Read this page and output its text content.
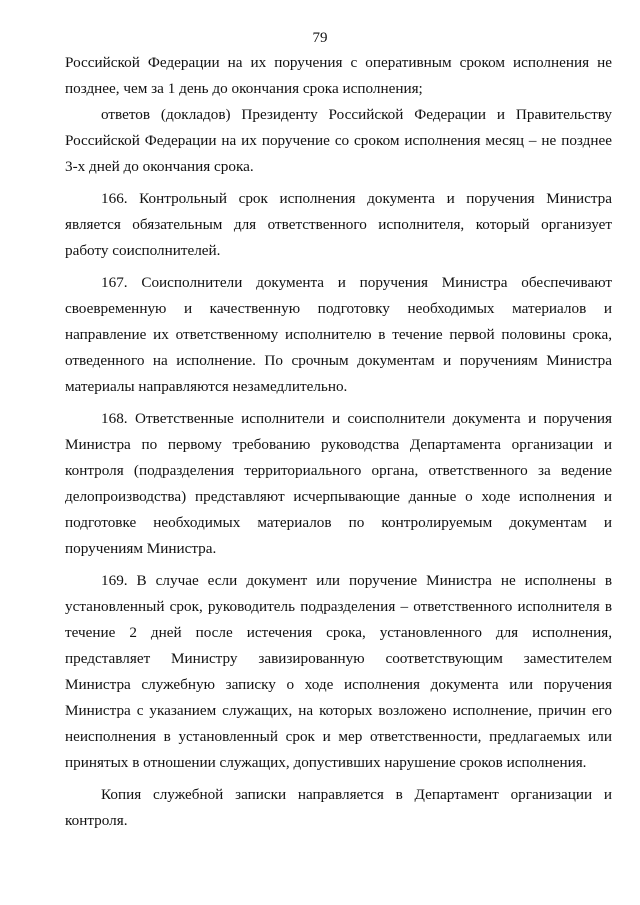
79

Российской Федерации на их поручения с оперативным сроком исполнения не позднее, чем за 1 день до окончания срока исполнения;

ответов (докладов) Президенту Российской Федерации и Правительству Российской Федерации на их поручение со сроком исполнения месяц – не позднее 3-х дней до окончания срока.

166. Контрольный срок исполнения документа и поручения Министра является обязательным для ответственного исполнителя, который организует работу соисполнителей.

167. Соисполнители документа и поручения Министра обеспечивают своевременную и качественную подготовку необходимых материалов и направление их ответственному исполнителю в течение первой половины срока, отведенного на исполнение. По срочным документам и поручениям Министра материалы направляются незамедлительно.

168. Ответственные исполнители и соисполнители документа и поручения Министра по первому требованию руководства Департамента организации и контроля (подразделения территориального органа, ответственного за ведение делопроизводства) представляют исчерпывающие данные о ходе исполнения и подготовке необходимых материалов по контролируемым документам и поручениям Министра.

169. В случае если документ или поручение Министра не исполнены в установленный срок, руководитель подразделения – ответственного исполнителя в течение 2 дней после истечения срока, установленного для исполнения, представляет Министру завизированную соответствующим заместителем Министра служебную записку о ходе исполнения документа или поручения Министра с указанием служащих, на которых возложено исполнение, причин его неисполнения в установленный срок и мер ответственности, предлагаемых или принятых в отношении служащих, допустивших нарушение сроков исполнения.

Копия служебной записки направляется в Департамент организации и контроля.
